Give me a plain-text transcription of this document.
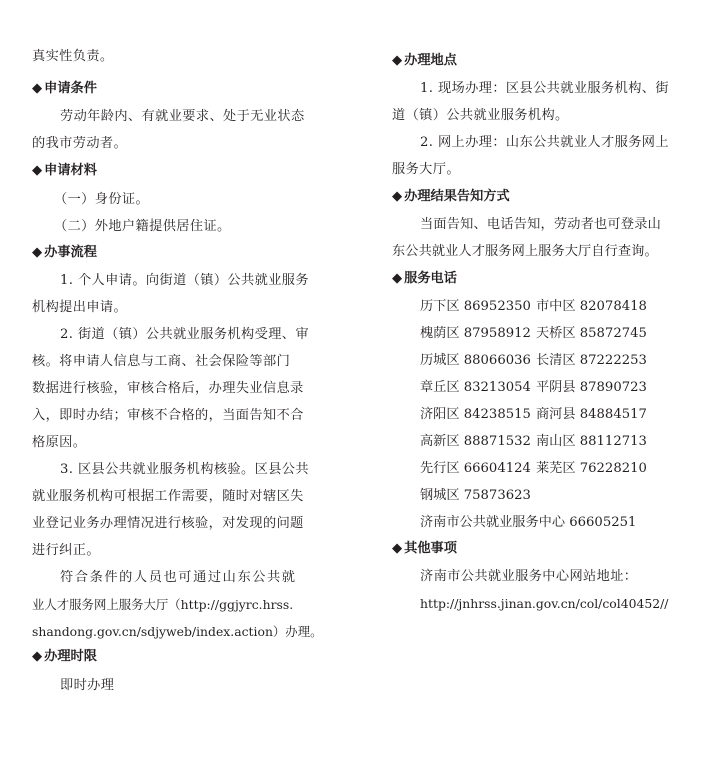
真实性负责。
◆ 申请条件
劳动年龄内、有就业要求、处于无业状态
的我市劳动者。
◆ 申请材料
（一）身份证。
（二）外地户籍提供居住证。
◆ 办事流程
1. 个人申请。向街道（镇）公共就业服务
机构提出申请。
2. 街道（镇）公共就业服务机构受理、审
核。将申请人信息与工商、社会保险等部门
数据进行核验，审核合格后，办理失业信息录
入，即时办结；审核不合格的，当面告知不合
格原因。
3. 区县公共就业服务机构核验。区县公共
就业服务机构可根据工作需要，随时对辖区失
业登记业务办理情况进行核验，对发现的问题
进行纠正。
符合条件的人员也可通过山东公共就
业人才服务网上服务大厅（http://ggjyrc.hrss.
shandong.gov.cn/sdjyweb/index.action）办理。
◆ 办理时限
即时办理
◆ 办理地点
1. 现场办理：区县公共就业服务机构、街
道（镇）公共就业服务机构。
2. 网上办理：山东公共就业人才服务网上
服务大厅。
◆ 办理结果告知方式
当面告知、电话告知，劳动者也可登录山
东公共就业人才服务网上服务大厅自行查询。
◆ 服务电话
历下区 86952350 市中区 82078418
槐荫区 87958912 天桥区 85872745
历城区 88066036 长清区 87222253
章丘区 83213054 平阴县 87890723
济阳区 84238515 商河县 84884517
高新区 88871532 南山区 88112713
先行区 66604124 莱芜区 76228210
钢城区 75873623
济南市公共就业服务中心 66605251
◆ 其他事项
济南市公共就业服务中心网站地址：
http://jnhrss.jinan.gov.cn/col/col40452//
